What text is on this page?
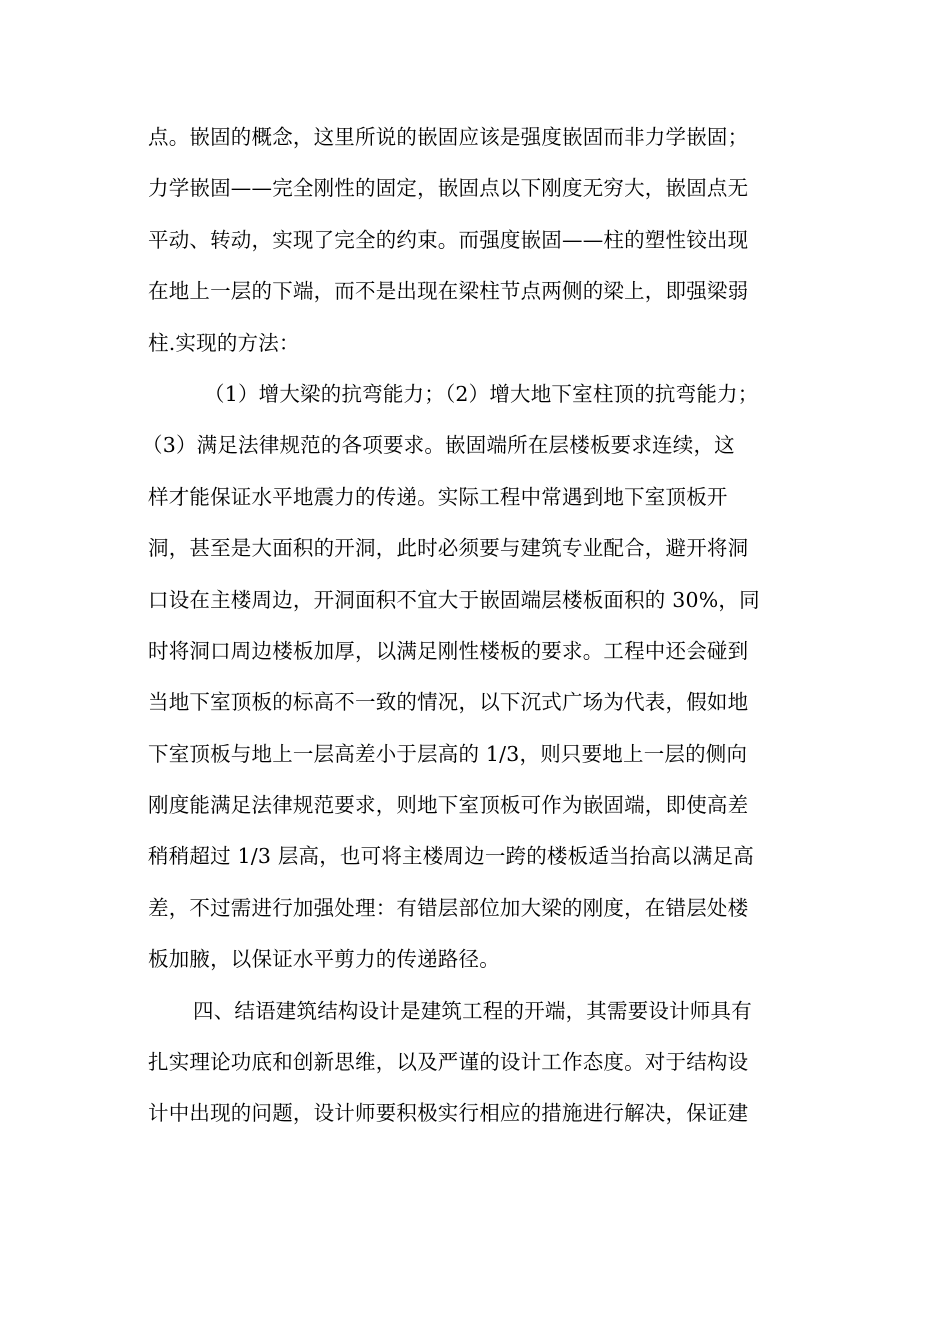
点。嵌固的概念，这里所说的嵌固应该是强度嵌固而非力学嵌固；
力学嵌固——完全刚性的固定，嵌固点以下刚度无穷大，嵌固点无
平动、转动，实现了完全的约束。而强度嵌固——柱的塑性铰出现
在地上一层的下端，而不是出现在梁柱节点两侧的梁上，即强梁弱
柱.实现的方法：
（1）增大梁的抗弯能力；（2）增大地下室柱顶的抗弯能力；
（3）满足法律规范的各项要求。嵌固端所在层楼板要求连续，这
样才能保证水平地震力的传递。实际工程中常遇到地下室顶板开
洞，甚至是大面积的开洞，此时必须要与建筑专业配合，避开将洞
口设在主楼周边，开洞面积不宜大于嵌固端层楼板面积的 30%，同
时将洞口周边楼板加厚，以满足刚性楼板的要求。工程中还会碰到
当地下室顶板的标高不一致的情况，以下沉式广场为代表，假如地
下室顶板与地上一层高差小于层高的 1/3，则只要地上一层的侧向
刚度能满足法律规范要求，则地下室顶板可作为嵌固端，即使高差
稍稍超过 1/3 层高，也可将主楼周边一跨的楼板适当抬高以满足高
差，不过需进行加强处理：有错层部位加大梁的刚度，在错层处楼
板加腋，以保证水平剪力的传递路径。
四、结语建筑结构设计是建筑工程的开端，其需要设计师具有
扎实理论功底和创新思维，以及严谨的设计工作态度。对于结构设
计中出现的问题，设计师要积极实行相应的措施进行解决，保证建
